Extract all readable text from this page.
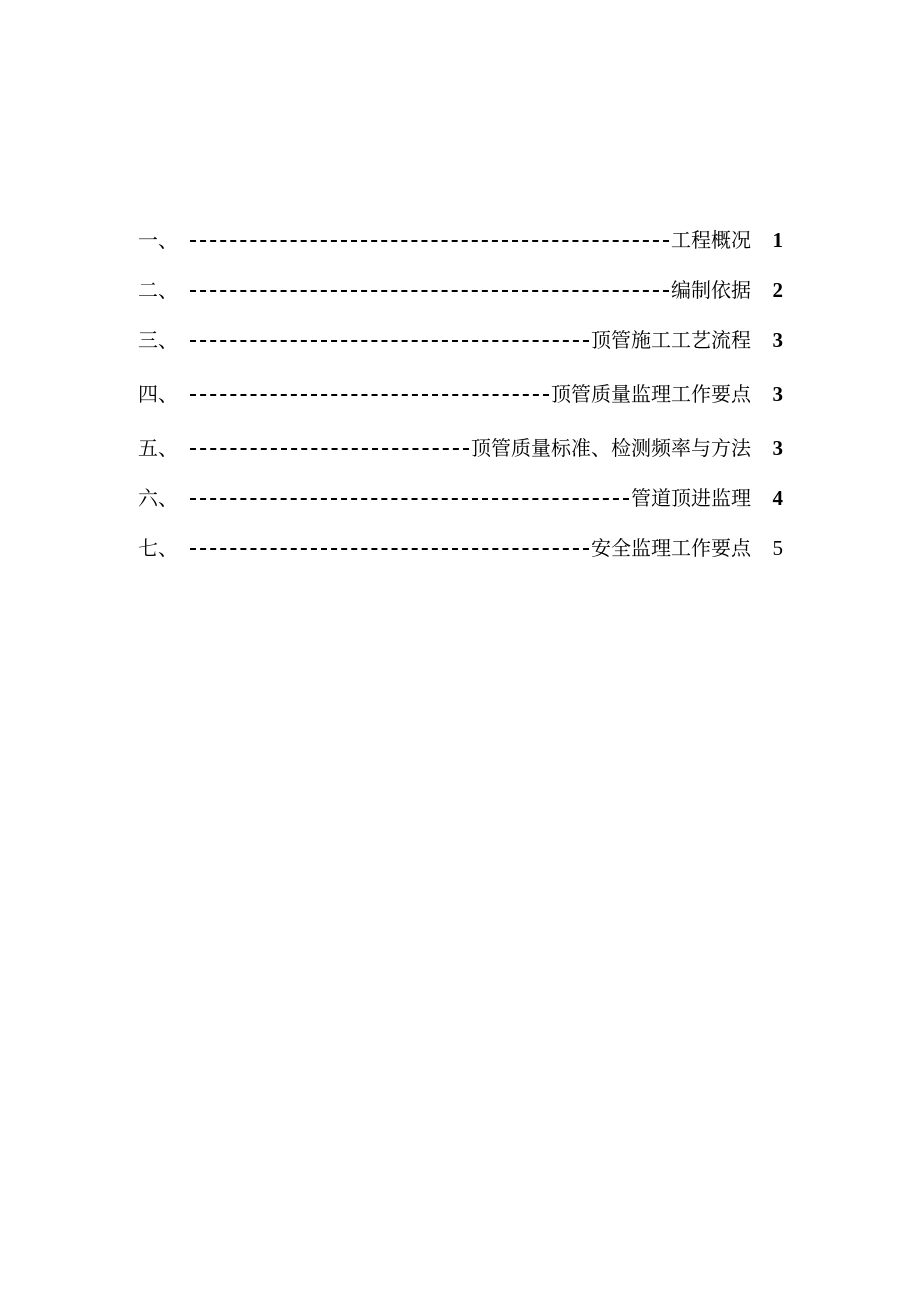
一、	工程概况	1
二、	编制依据	2
三、	顶管施工工艺流程	3
四、	顶管质量监理工作要点	3
五、	顶管质量标准、检测频率与方法	3
六、	管道顶进监理	4
七、	安全监理工作要点	5
